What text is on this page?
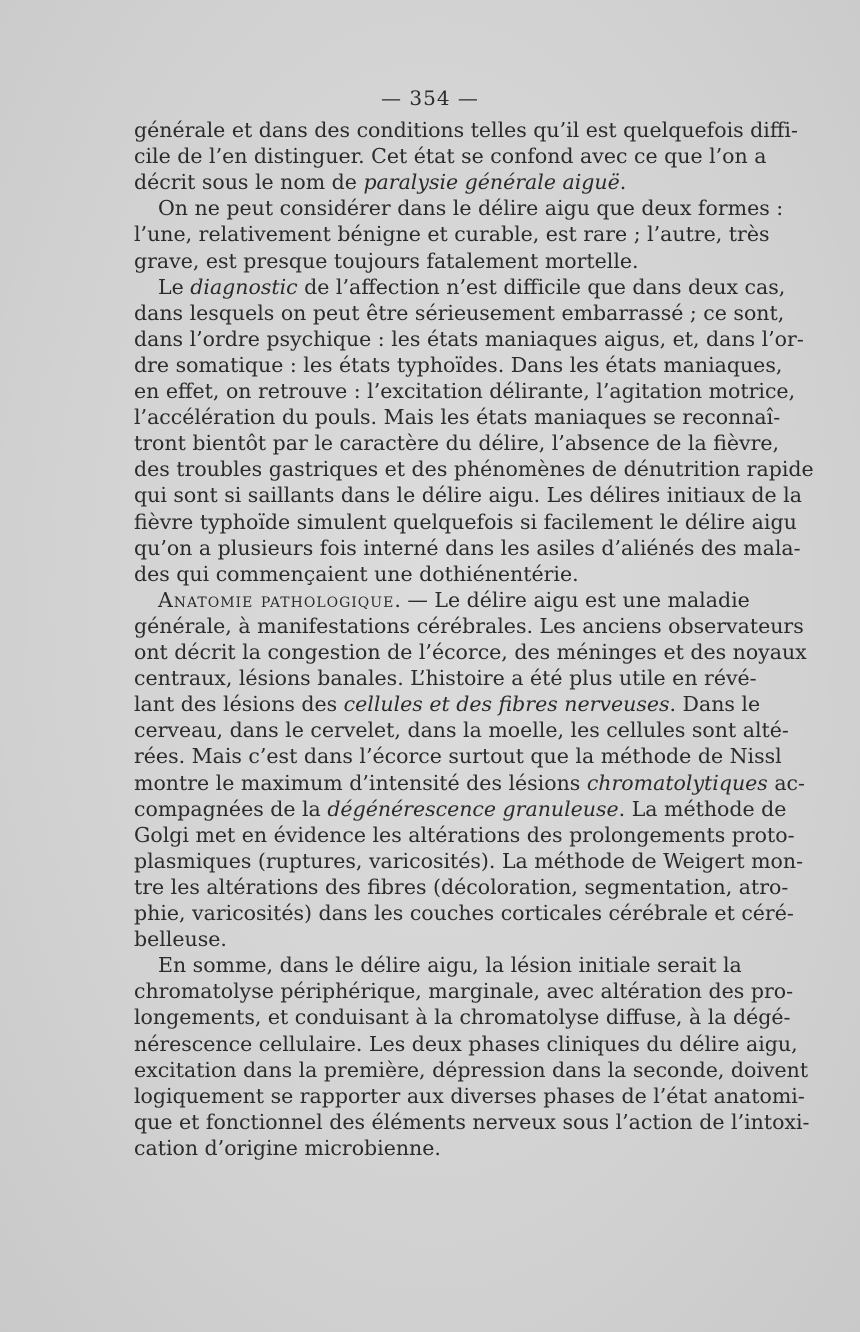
— 354 —
générale et dans des conditions telles qu’il est quelquefois diffi-
cile de l’en distinguer. Cet état se confond avec ce que l’on a
décrit sous le nom de paralysie générale aiguë.
On ne peut considérer dans le délire aigu que deux formes :
l’une, relativement bénigne et curable, est rare ; l’autre, très
grave, est presque toujours fatalement mortelle.
Le diagnostic de l’affection n’est difficile que dans deux cas,
dans lesquels on peut être sérieusement embarrassé ; ce sont,
dans l’ordre psychique : les états maniaques aigus, et, dans l’or-
dre somatique : les états typhoïdes. Dans les états maniaques,
en effet, on retrouve : l’excitation délirante, l’agitation motrice,
l’accélération du pouls. Mais les états maniaques se reconnaî-
tront bientôt par le caractère du délire, l’absence de la fièvre,
des troubles gastriques et des phénomènes de dénutrition rapide
qui sont si saillants dans le délire aigu. Les délires initiaux de la
fièvre typhoïde simulent quelquefois si facilement le délire aigu
qu’on a plusieurs fois interné dans les asiles d’aliénés des mala-
des qui commençaient une dothiénentérie.
Anatomie pathologique. — Le délire aigu est une maladie
générale, à manifestations cérébrales. Les anciens observateurs
ont décrit la congestion de l’écorce, des méninges et des noyaux
centraux, lésions banales. L’histoire a été plus utile en révé-
lant des lésions des cellules et des fibres nerveuses. Dans le
cerveau, dans le cervelet, dans la moelle, les cellules sont alté-
rées. Mais c’est dans l’écorce surtout que la méthode de Nissl
montre le maximum d’intensité des lésions chromatolytiques ac-
compagnées de la dégénérescence granuleuse. La méthode de
Golgi met en évidence les altérations des prolongements proto-
plasmiques (ruptures, varicosités). La méthode de Weigert mon-
tre les altérations des fibres (décoloration, segmentation, atro-
phie, varicosités) dans les couches corticales cérébrale et céré-
belleuse.
En somme, dans le délire aigu, la lésion initiale serait la
chromatolyse périphérique, marginale, avec altération des pro-
longements, et conduisant à la chromatolyse diffuse, à la dégé-
nérescence cellulaire. Les deux phases cliniques du délire aigu,
excitation dans la première, dépression dans la seconde, doivent
logiquement se rapporter aux diverses phases de l’état anatomi-
que et fonctionnel des éléments nerveux sous l’action de l’intoxi-
cation d’origine microbienne.
